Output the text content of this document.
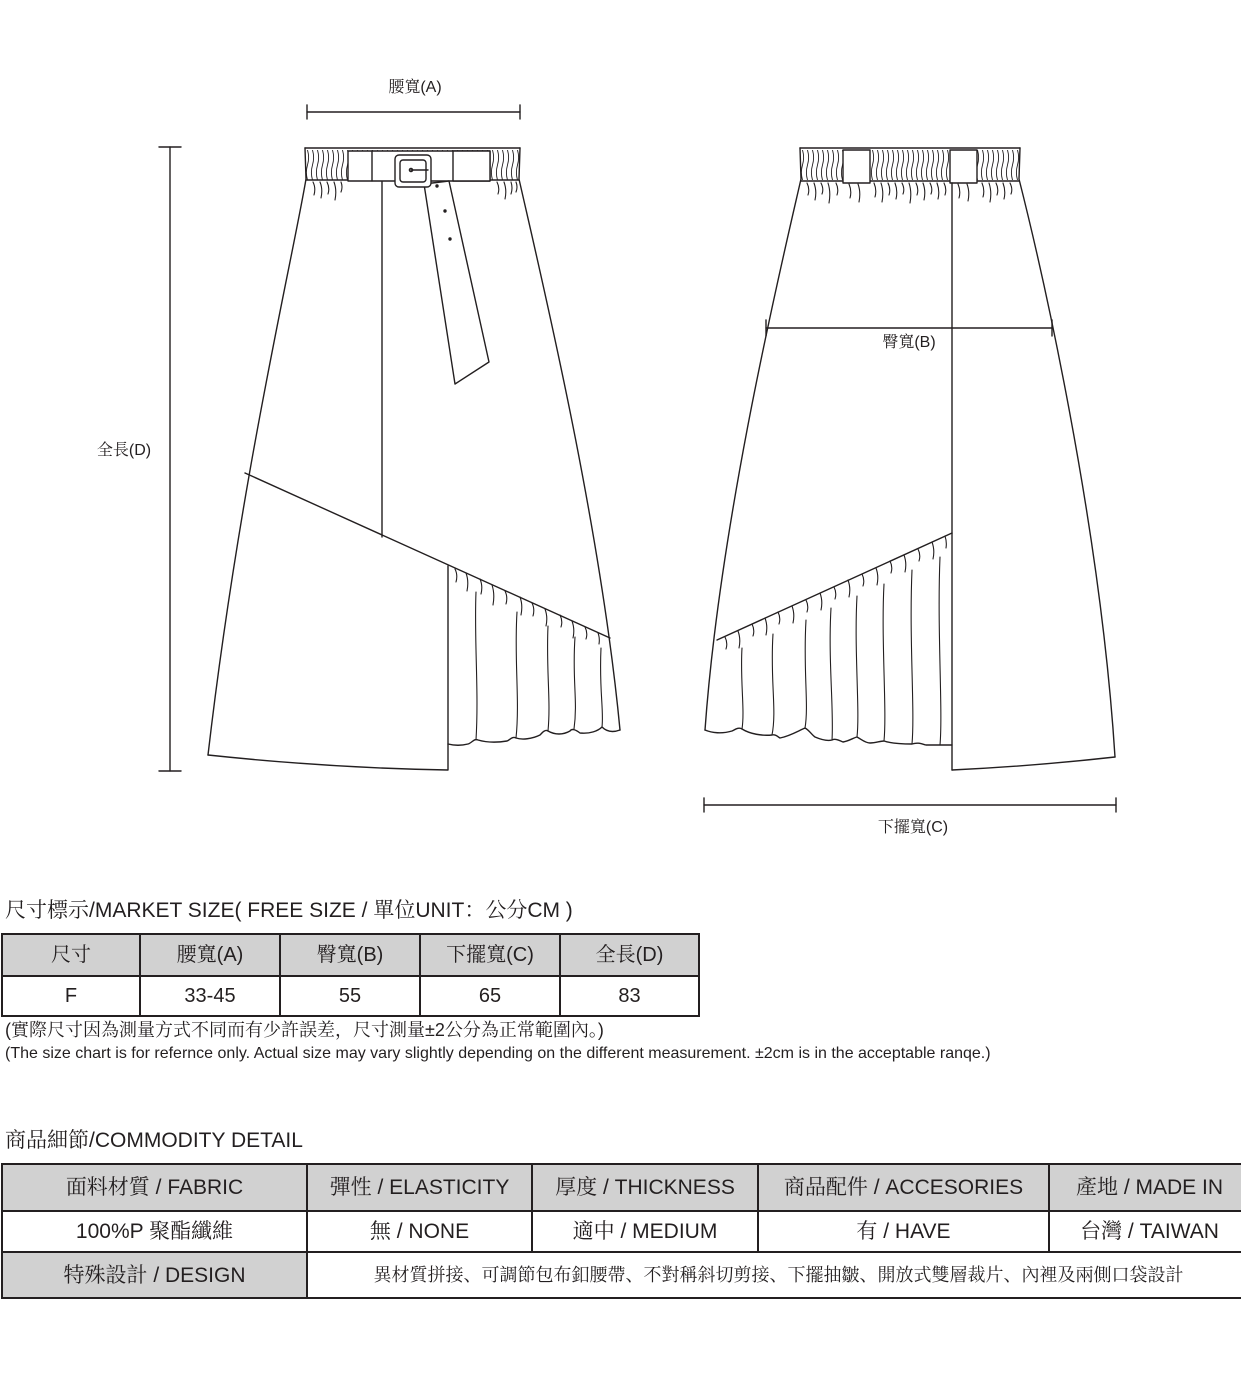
腰寬(A)
全長(D)
臀寬(B)
下擺寬(C)
尺寸標示/MARKET SIZE( FREE SIZE / 單位UNIT：公分CM )
尺寸	腰寬(A)	臀寬(B)	下擺寬(C)	全長(D)
F	33-45	55	65	83
(實際尺寸因為測量方式不同而有少許誤差，尺寸測量±2公分為正常範圍內。)
(The size chart is for refernce only. Actual size may vary slightly depending on the different measurement. ±2cm is in the acceptable ranqe.)
商品細節/COMMODITY DETAIL
面料材質 / FABRIC	彈性 / ELASTICITY	厚度 / THICKNESS	商品配件 / ACCESORIES	產地 / MADE IN
100%P 聚酯纖維	無 / NONE	適中 / MEDIUM	有 / HAVE	台灣 / TAIWAN
特殊設計 / DESIGN	異材質拼接、可調節包布釦腰帶、不對稱斜切剪接、下擺抽皺、開放式雙層裁片、內裡及兩側口袋設計			
